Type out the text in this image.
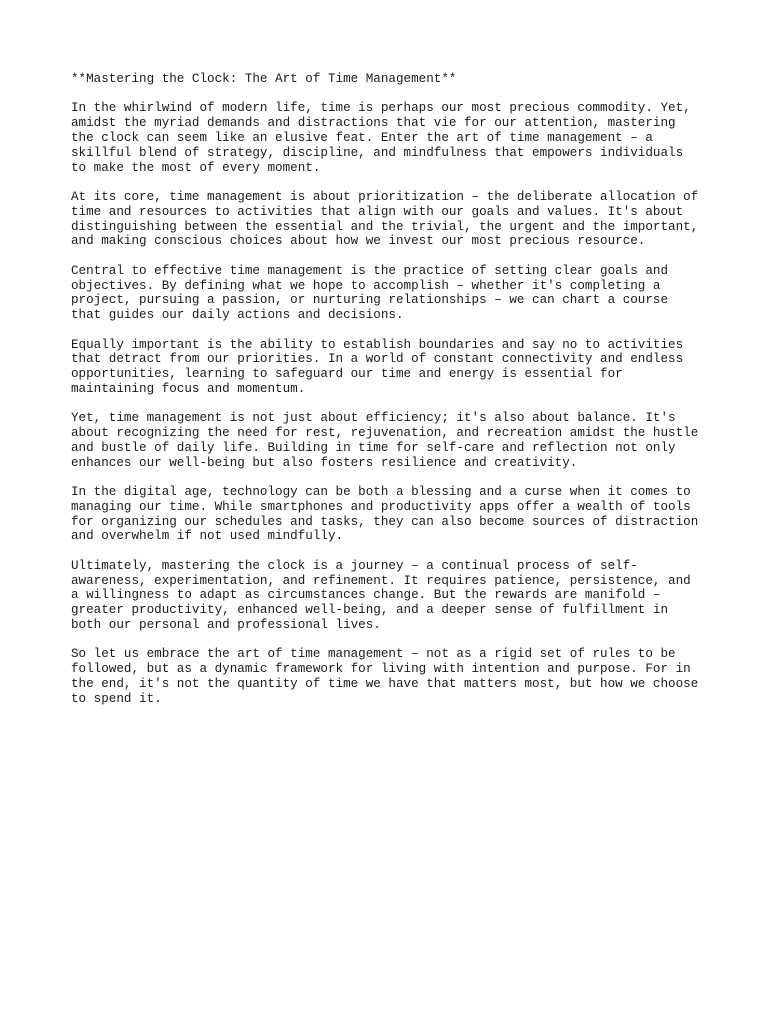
**Mastering the Clock: The Art of Time Management**

In the whirlwind of modern life, time is perhaps our most precious commodity. Yet,
amidst the myriad demands and distractions that vie for our attention, mastering
the clock can seem like an elusive feat. Enter the art of time management – a
skillful blend of strategy, discipline, and mindfulness that empowers individuals
to make the most of every moment.

At its core, time management is about prioritization – the deliberate allocation of
time and resources to activities that align with our goals and values. It's about
distinguishing between the essential and the trivial, the urgent and the important,
and making conscious choices about how we invest our most precious resource.

Central to effective time management is the practice of setting clear goals and
objectives. By defining what we hope to accomplish – whether it's completing a
project, pursuing a passion, or nurturing relationships – we can chart a course
that guides our daily actions and decisions.

Equally important is the ability to establish boundaries and say no to activities
that detract from our priorities. In a world of constant connectivity and endless
opportunities, learning to safeguard our time and energy is essential for
maintaining focus and momentum.

Yet, time management is not just about efficiency; it's also about balance. It's
about recognizing the need for rest, rejuvenation, and recreation amidst the hustle
and bustle of daily life. Building in time for self-care and reflection not only
enhances our well-being but also fosters resilience and creativity.

In the digital age, technology can be both a blessing and a curse when it comes to
managing our time. While smartphones and productivity apps offer a wealth of tools
for organizing our schedules and tasks, they can also become sources of distraction
and overwhelm if not used mindfully.

Ultimately, mastering the clock is a journey – a continual process of self-
awareness, experimentation, and refinement. It requires patience, persistence, and
a willingness to adapt as circumstances change. But the rewards are manifold –
greater productivity, enhanced well-being, and a deeper sense of fulfillment in
both our personal and professional lives.

So let us embrace the art of time management – not as a rigid set of rules to be
followed, but as a dynamic framework for living with intention and purpose. For in
the end, it's not the quantity of time we have that matters most, but how we choose
to spend it.
